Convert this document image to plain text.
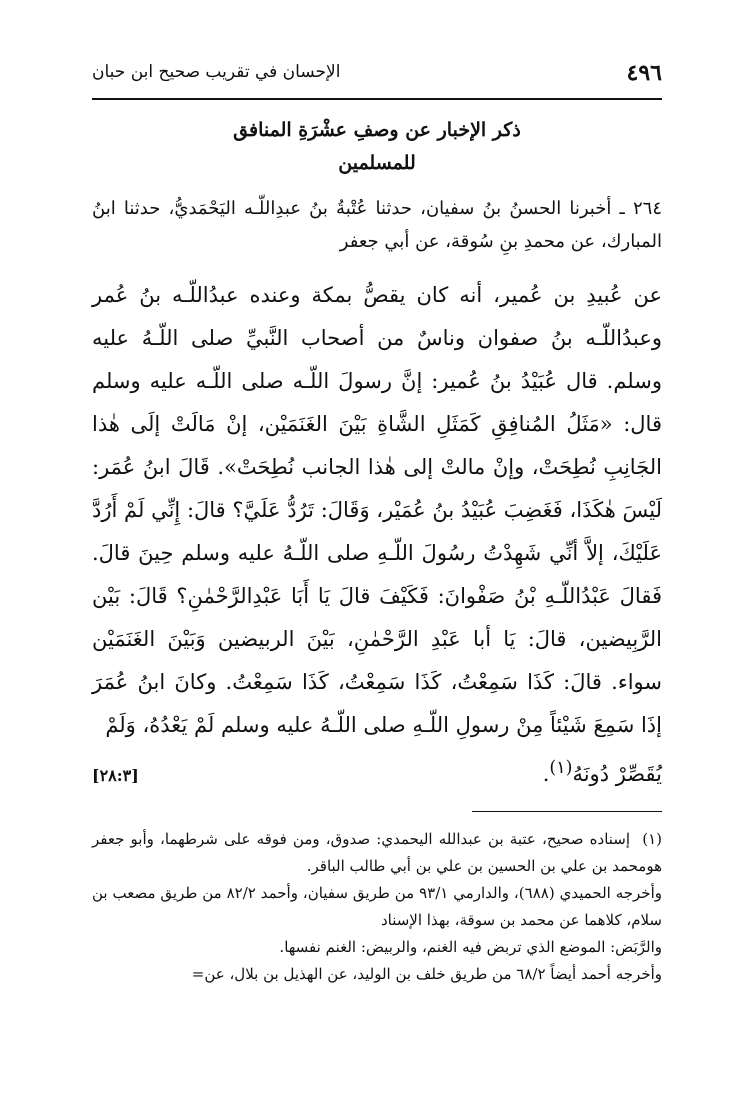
٤٩٦
الإحسان في تقريب صحيح ابن حبان
ذكر الإخبار عن وصفِ عشْرَةِ المنافق
للمسلمين
٢٦٤ ـ أخبرنا الحسنُ بنُ سفيان، حدثنا عُتْبةُ بنُ عبدِاللّـه اليَحْمَديُّ، حدثنا ابنُ المبارك، عن محمدِ بنِ سُوقة، عن أبي جعفر
عن عُبيدِ بن عُمير، أنه كان يقصُّ بمكة وعنده عبدُاللّـه بنُ عُمر وعبدُاللّـه بنُ صفوان وناسٌ من أصحاب النَّبيِّ صلى اللّـهُ عليه وسلم. قال عُبَيْدُ بنُ عُمير: إنَّ رسولَ اللّـه صلى اللّـه عليه وسلم قال: «مَثَلُ المُنافِقِ كَمَثَلِ الشَّاةِ بَيْنَ الغَنَمَيْن، إنْ مَالَتْ إلَى هٰذا الجَانِبِ نُطِحَتْ، وإنْ مالتْ إلى هٰذا الجانب نُطِحَتْ». قَالَ ابنُ عُمَر: لَيْسَ هٰكَذَا، فَغَضِبَ عُبَيْدُ بنُ عُمَيْر، وَقَالَ: تَرُدُّ عَلَيَّ؟ قالَ: إِنِّي لَمْ أَرُدَّ عَلَيْكَ، إلاَّ أنِّي شَهِدْتُ رسُولَ اللّـهِ صلى اللّـهُ عليه وسلم حِينَ قالَ. فَقالَ عَبْدُاللّـهِ بْنُ صَفْوانَ: فَكَيْفَ قالَ يَا أَبَا عَبْدِالرَّحْمٰنِ؟ قَالَ: بَيْن الرَّبِيضين، قالَ: يَا أبا عَبْدِ الرَّحْمٰنِ، بَيْنَ الربيضين وَبَيْنَ الغَنَمَيْن سواء. قالَ: كَذَا سَمِعْتُ، كَذَا سَمِعْتُ، كَذَا سَمِعْتُ. وكانَ ابنُ عُمَرَ إذَا سَمِعَ شَيْئاً مِنْ رسولِ اللّـهِ صلى اللّـهُ عليه وسلم لَمْ يَعْدُهُ، وَلَمْ
يُقَصِّرْ دُونَهُ$^{(١)}$.
[٢٨:٣]

(١) إسناده صحيح، عتبة بن عبدالله اليحمدي: صدوق، ومن فوقه على شرطهما، وأبو جعفر هومحمد بن علي بن الحسين بن علي بن أبي طالب الباقر.

وأخرجه الحميدي (٦٨٨)، والدارمي ٩٣/١ من طريق سفيان، وأحمد ٨٢/٢ من طريق مصعب بن سلام، كلاهما عن محمد بن سوقة، بهذا الإسناد

والرَّبَض: الموضع الذي تربض فيه الغنم، والربيض: الغنم نفسها.

وأخرجه أحمد أيضاً ٦٨/٢ من طريق خلف بن الوليد، عن الهذيل بن بلال، عن=
